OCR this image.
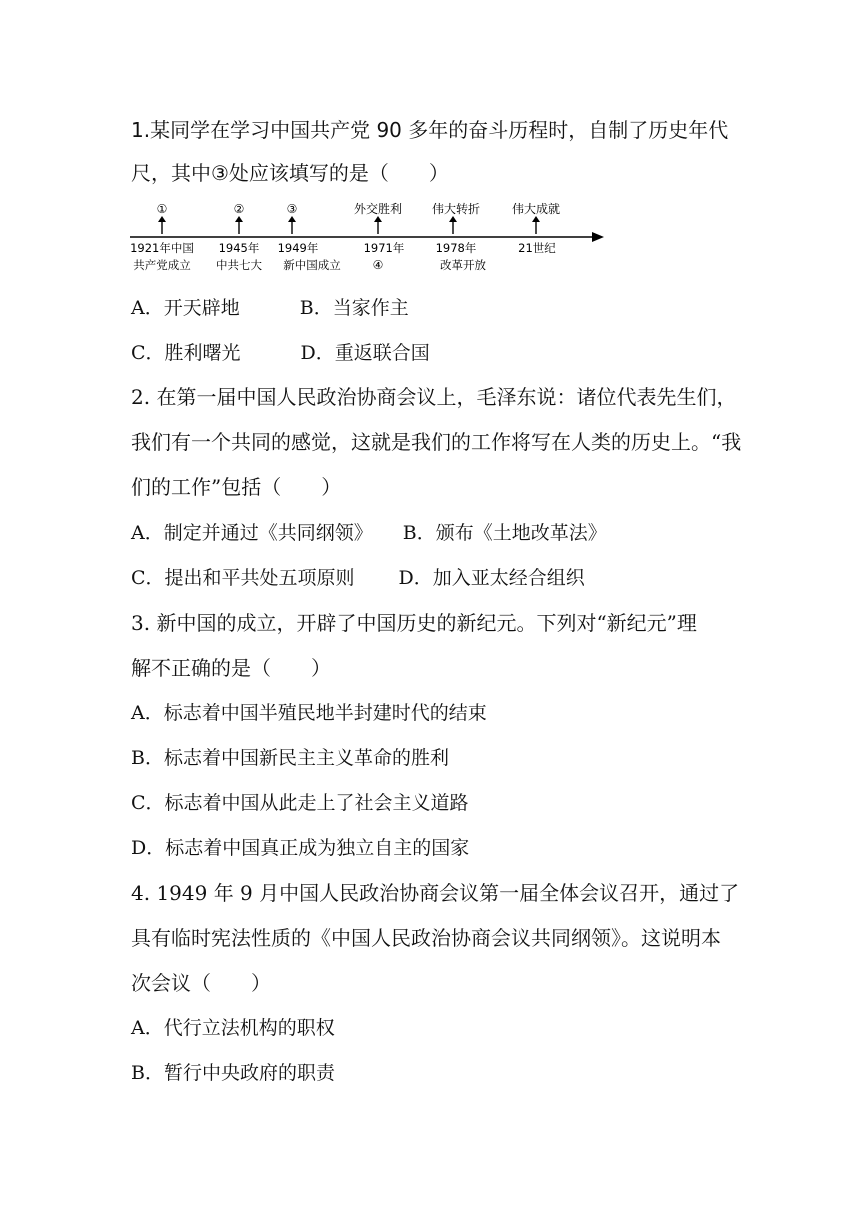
1.某同学在学习中国共产党 90 多年的奋斗历程时，自制了历史年代
尺，其中③处应该填写的是（　　）
①
1921年中国
共产党成立
②
1945年
中共七大
③
1949年
新中国成立
外交胜利
1971年
④
伟大转折
1978年
改革开放
伟大成就
21世纪
A．开天辟地	B．当家作主
C．胜利曙光	D．重返联合国
2. 在第一届中国人民政治协商会议上，毛泽东说：诸位代表先生们，
我们有一个共同的感觉，这就是我们的工作将写在人类的历史上。“我
们的工作”包括（　　）
A．制定并通过《共同纲领》 B．颁布《土地改革法》
C．提出和平共处五项原则 D．加入亚太经合组织
3. 新中国的成立，开辟了中国历史的新纪元。下列对“新纪元”理
解不正确的是（　　）
A．标志着中国半殖民地半封建时代的结束
B．标志着中国新民主主义革命的胜利
C．标志着中国从此走上了社会主义道路
D．标志着中国真正成为独立自主的国家
4. 1949 年 9 月中国人民政治协商会议第一届全体会议召开，通过了
具有临时宪法性质的《中国人民政治协商会议共同纲领》。这说明本
次会议（　　）
A．代行立法机构的职权
B．暂行中央政府的职责
